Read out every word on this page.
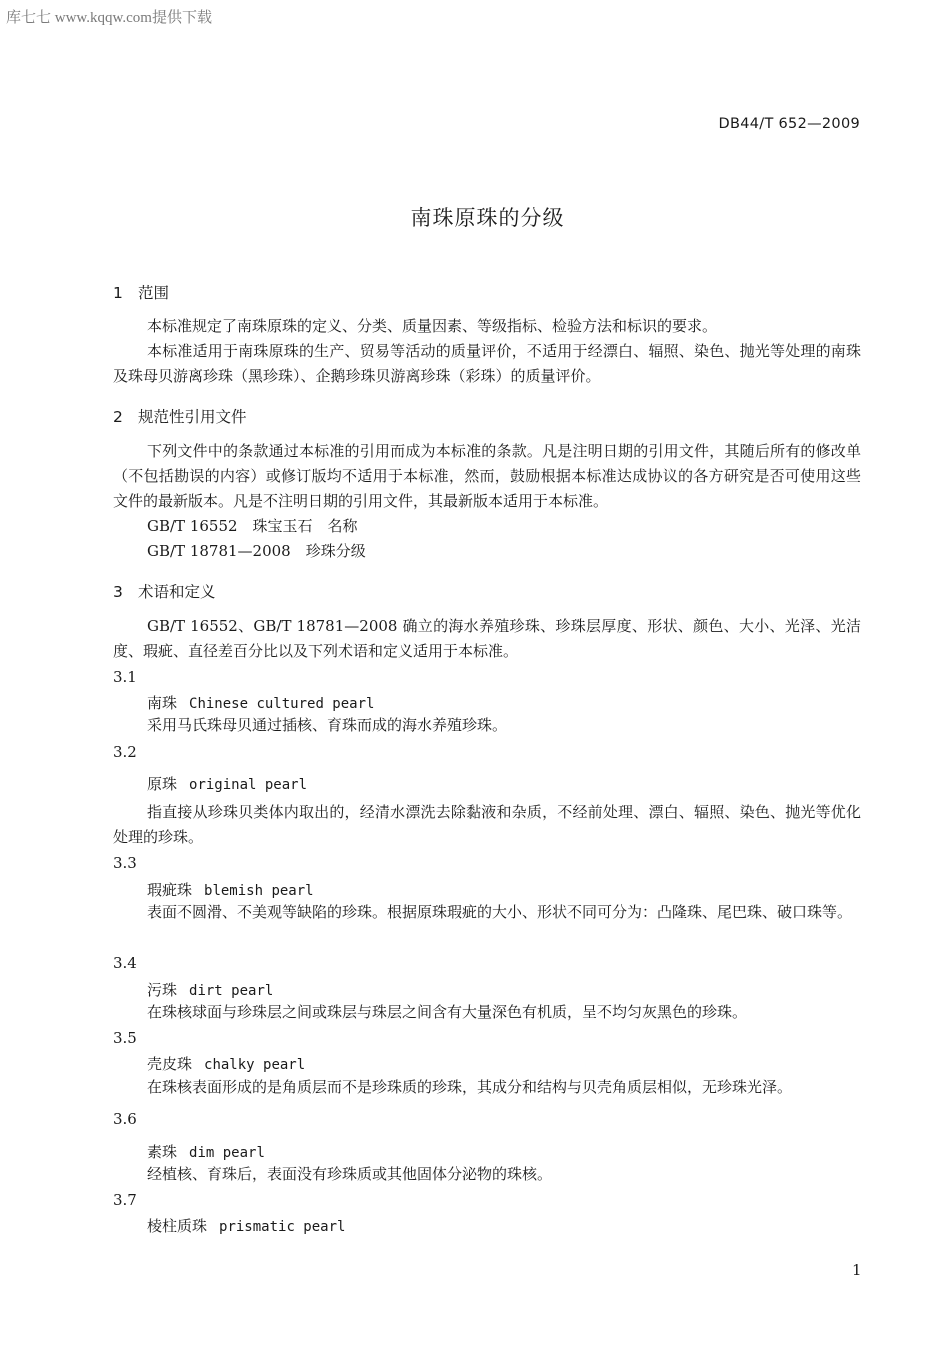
库七七 www.kqqw.com提供下载
DB44/T 652—2009
南珠原珠的分级
1 范围
本标准规定了南珠原珠的定义、分类、质量因素、等级指标、检验方法和标识的要求。
本标准适用于南珠原珠的生产、贸易等活动的质量评价，不适用于经漂白、辐照、染色、抛光等处理的南珠及珠母贝游离珍珠（黑珍珠）、企鹅珍珠贝游离珍珠（彩珠）的质量评价。
2 规范性引用文件
下列文件中的条款通过本标准的引用而成为本标准的条款。凡是注明日期的引用文件，其随后所有的修改单（不包括勘误的内容）或修订版均不适用于本标准，然而，鼓励根据本标准达成协议的各方研究是否可使用这些文件的最新版本。凡是不注明日期的引用文件，其最新版本适用于本标准。
GB/T 16552　珠宝玉石　名称
GB/T 18781—2008　珍珠分级
3 术语和定义
GB/T 16552、GB/T 18781—2008 确立的海水养殖珍珠、珍珠层厚度、形状、颜色、大小、光泽、光洁度、瑕疵、直径差百分比以及下列术语和定义适用于本标准。
3.1
南珠 Chinese cultured pearl
采用马氏珠母贝通过插核、育珠而成的海水养殖珍珠。
3.2
原珠 original pearl
指直接从珍珠贝类体内取出的，经清水漂洗去除黏液和杂质，不经前处理、漂白、辐照、染色、抛光等优化处理的珍珠。
3.3
瑕疵珠 blemish pearl
表面不圆滑、不美观等缺陷的珍珠。根据原珠瑕疵的大小、形状不同可分为：凸隆珠、尾巴珠、破口珠等。
3.4
污珠 dirt pearl
在珠核球面与珍珠层之间或珠层与珠层之间含有大量深色有机质，呈不均匀灰黑色的珍珠。
3.5
壳皮珠 chalky pearl
在珠核表面形成的是角质层而不是珍珠质的珍珠，其成分和结构与贝壳角质层相似，无珍珠光泽。
3.6
素珠 dim pearl
经植核、育珠后，表面没有珍珠质或其他固体分泌物的珠核。
3.7
棱柱质珠 prismatic pearl
1
